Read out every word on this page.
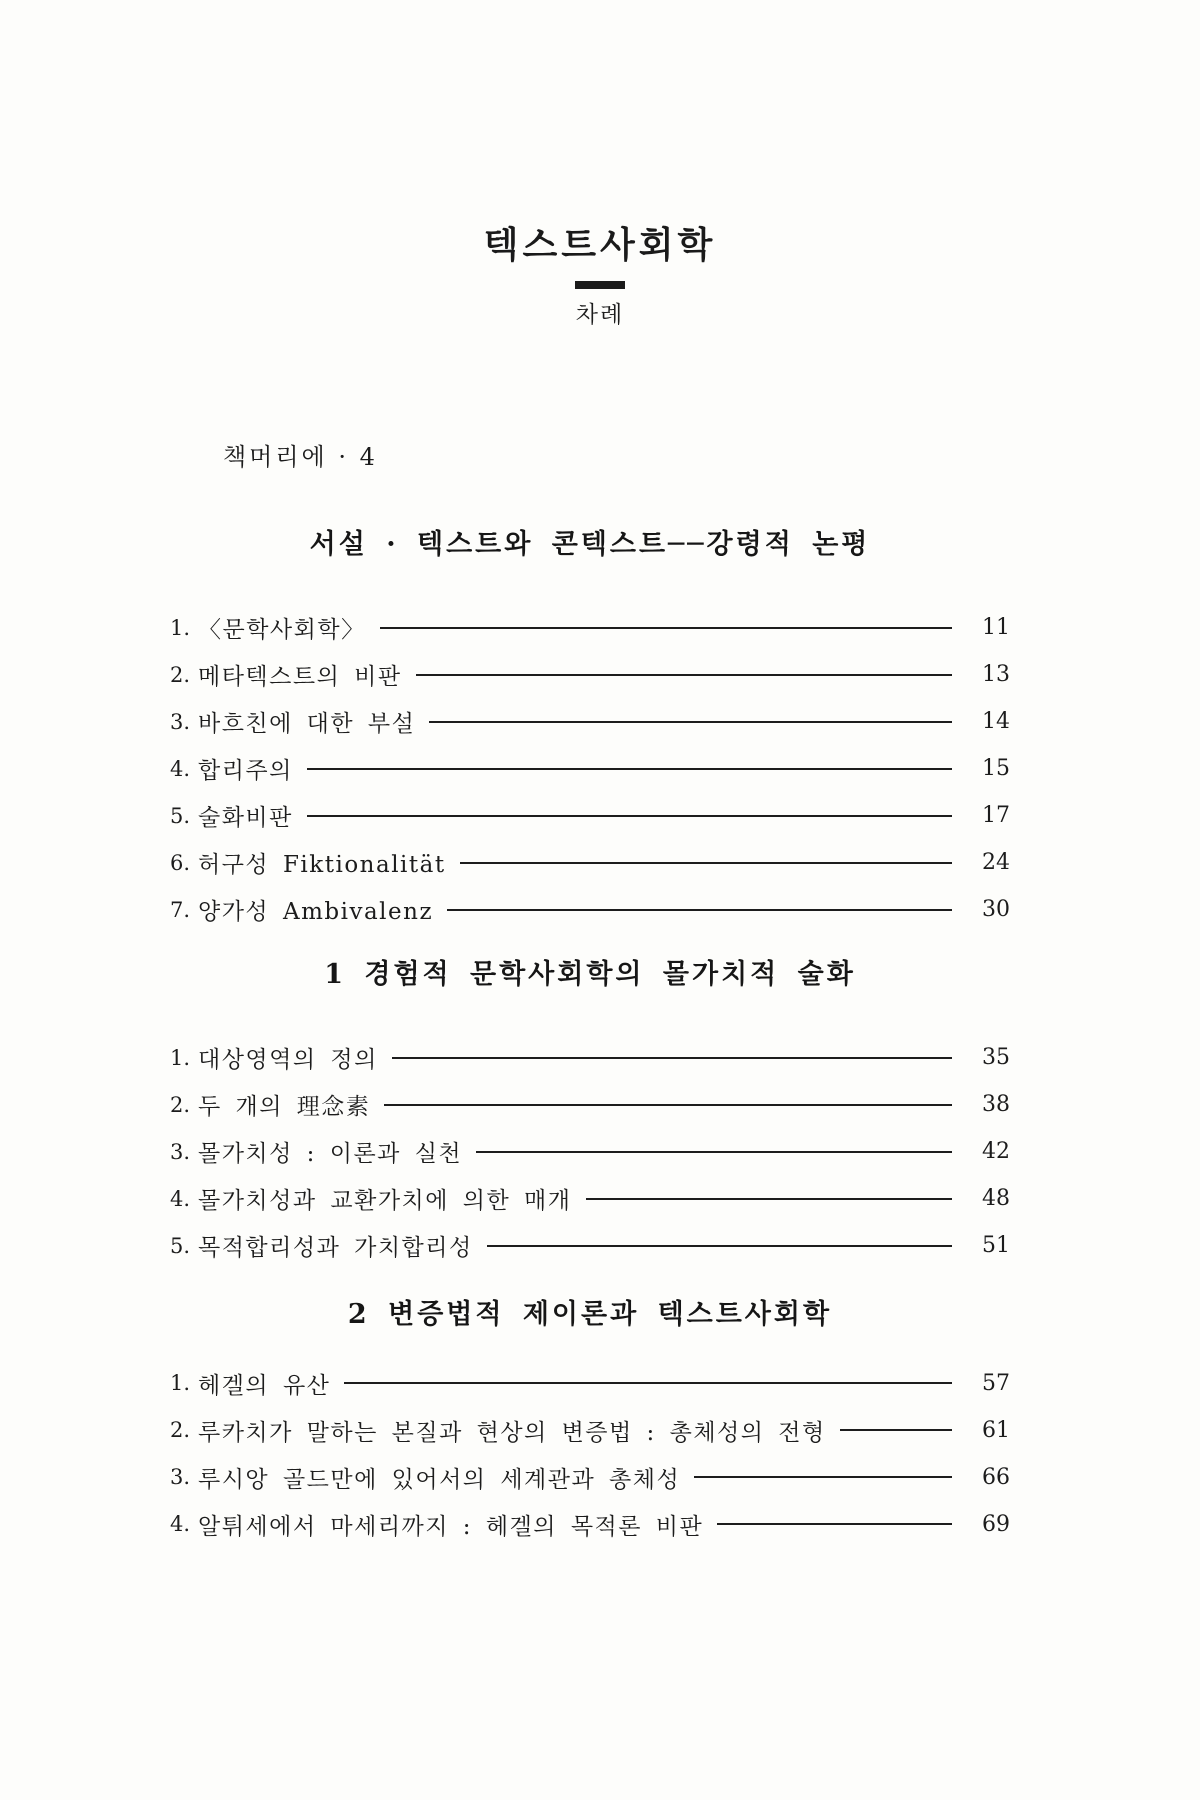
텍스트사회학
차례
책머리에 · 4
서설 · 텍스트와 콘텍스트──강령적 논평
1. 〈문학사회학〉	11
2. 메타텍스트의 비판	13
3. 바흐친에 대한 부설	14
4. 합리주의	15
5. 술화비판	17
6. 허구성 Fiktionalität	24
7. 양가성 Ambivalenz	30
1 경험적 문학사회학의 몰가치적 술화
1. 대상영역의 정의	35
2. 두 개의 理念素	38
3. 몰가치성 : 이론과 실천	42
4. 몰가치성과 교환가치에 의한 매개	48
5. 목적합리성과 가치합리성	51
2 변증법적 제이론과 텍스트사회학
1. 헤겔의 유산	57
2. 루카치가 말하는 본질과 현상의 변증법 : 총체성의 전형	61
3. 루시앙 골드만에 있어서의 세계관과 총체성	66
4. 알튀세에서 마세리까지 : 헤겔의 목적론 비판	69
